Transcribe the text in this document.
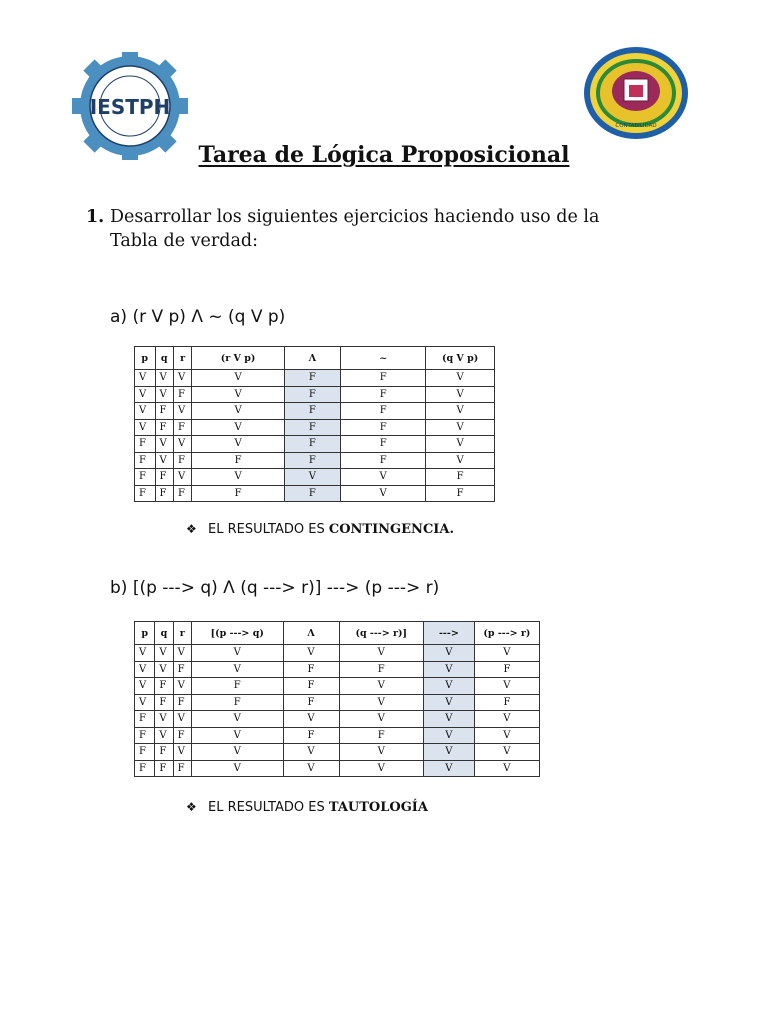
IESTPH
CONTABILIDAD
Tarea de Lógica Proposicional
1. Desarrollar los siguientes ejercicios haciendo uso de la
Tabla de verdad:
a) (r V p) Λ ~ (q V p)
p	q	r	(r V p)	Λ	~	(q V p)
V	V	V	V	F	F	V
V	V	F	V	F	F	V
V	F	V	V	F	F	V
V	F	F	V	F	F	V
F	V	V	V	F	F	V
F	V	F	F	F	F	V
F	F	V	V	V	V	F
F	F	F	F	F	V	F
❖ EL RESULTADO ES CONTINGENCIA.
b) [(p ---> q) Λ (q ---> r)] ---> (p ---> r)
p	q	r	[(p ---> q)	Λ	(q ---> r)]	--->	(p ---> r)
V	V	V	V	V	V	V	V
V	V	F	V	F	F	V	F
V	F	V	F	F	V	V	V
V	F	F	F	F	V	V	F
F	V	V	V	V	V	V	V
F	V	F	V	F	F	V	V
F	F	V	V	V	V	V	V
F	F	F	V	V	V	V	V
❖ EL RESULTADO ES TAUTOLOGÍA
